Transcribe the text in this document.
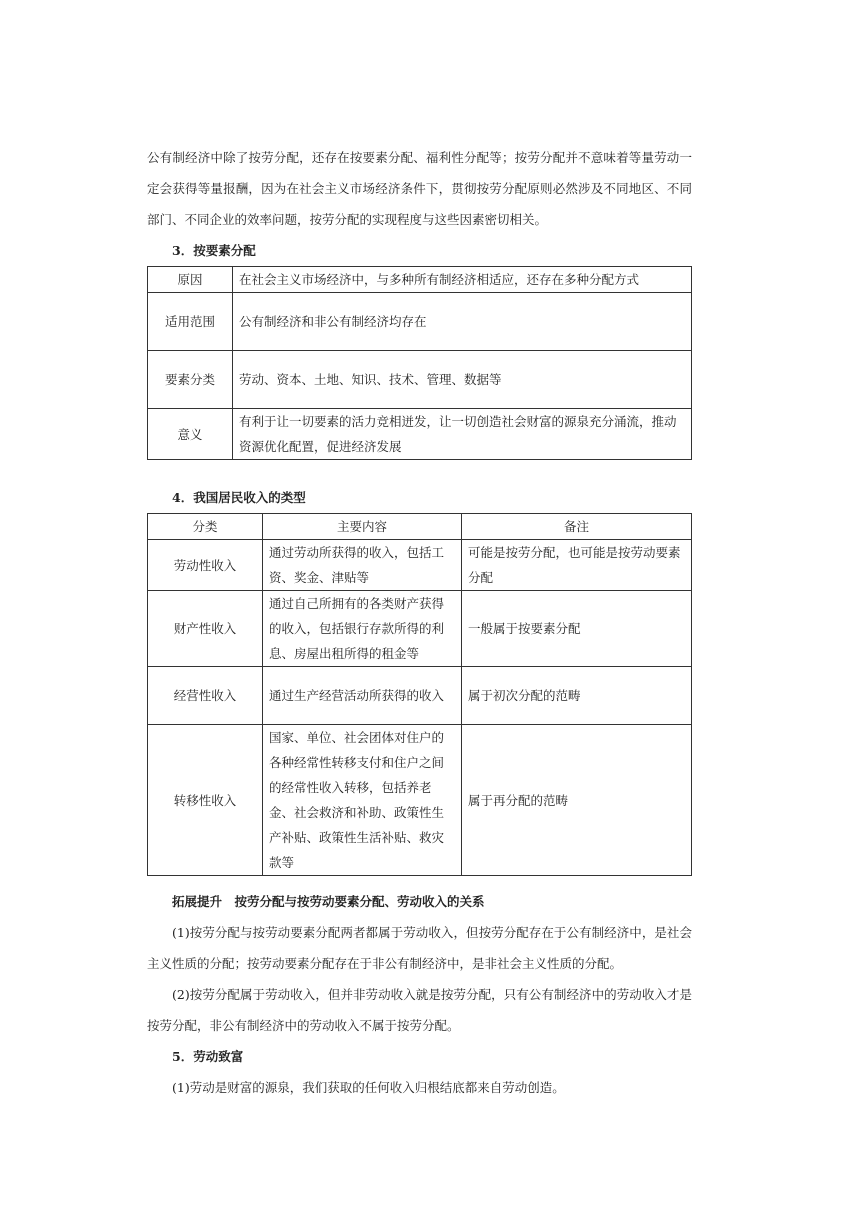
公有制经济中除了按劳分配，还存在按要素分配、福利性分配等；按劳分配并不意味着等量劳动一定会获得等量报酬，因为在社会主义市场经济条件下，贯彻按劳分配原则必然涉及不同地区、不同部门、不同企业的效率问题，按劳分配的实现程度与这些因素密切相关。

3．按要素分配
原因	在社会主义市场经济中，与多种所有制经济相适应，还存在多种分配方式
适用范围	公有制经济和非公有制经济均存在
要素分类	劳动、资本、土地、知识、技术、管理、数据等
意义	有利于让一切要素的活力竞相迸发，让一切创造社会财富的源泉充分涌流，推动资源优化配置，促进经济发展
4．我国居民收入的类型
分类	主要内容	备注
劳动性收入	通过劳动所获得的收入，包括工资、奖金、津贴等	可能是按劳分配，也可能是按劳动要素分配
财产性收入	通过自己所拥有的各类财产获得的收入，包括银行存款所得的利息、房屋出租所得的租金等	一般属于按要素分配
经营性收入	通过生产经营活动所获得的收入	属于初次分配的范畴
转移性收入	国家、单位、社会团体对住户的各种经常性转移支付和住户之间的经常性收入转移，包括养老金、社会救济和补助、政策性生产补贴、政策性生活补贴、救灾款等	属于再分配的范畴
拓展提升　按劳分配与按劳动要素分配、劳动收入的关系

(1)按劳分配与按劳动要素分配两者都属于劳动收入，但按劳分配存在于公有制经济中，是社会主义性质的分配；按劳动要素分配存在于非公有制经济中，是非社会主义性质的分配。

(2)按劳分配属于劳动收入，但并非劳动收入就是按劳分配，只有公有制经济中的劳动收入才是按劳分配，非公有制经济中的劳动收入不属于按劳分配。

5．劳动致富

(1)劳动是财富的源泉，我们获取的任何收入归根结底都来自劳动创造。
